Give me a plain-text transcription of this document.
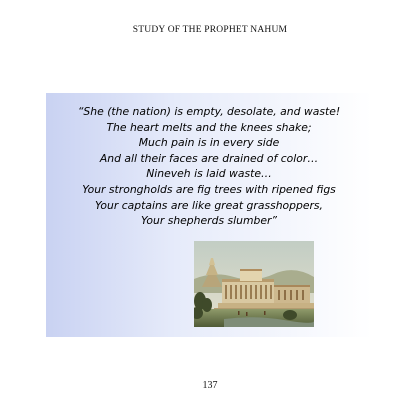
STUDY OF THE PROPHET NAHUM
“She (the nation) is empty, desolate, and waste!
The heart melts and the knees shake;
Much pain is in every side
And all their faces are drained of color…
Nineveh is laid waste…
Your strongholds are fig trees with ripened figs
Your captains are like great grasshoppers,
Your shepherds slumber”
137
